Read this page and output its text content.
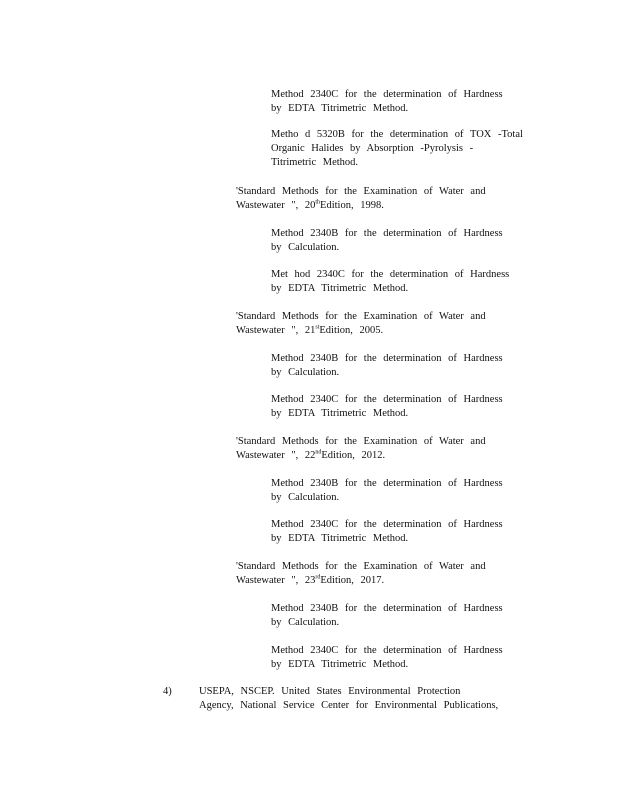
Method 2340C for the determination of Hardness
by EDTA Titrimetric Method.
Metho d 5320B for the determination of TOX -Total
Organic Halides by Absorption -Pyrolysis -
Titrimetric Method.
'Standard Methods for the Examination of Water and
Wastewater ", 20thEdition, 1998.
Method 2340B for the determination of Hardness
by Calculation.
Met hod 2340C for the determination of Hardness
by EDTA Titrimetric Method.
'Standard Methods for the Examination of Water and
Wastewater ", 21stEdition, 2005.
Method 2340B for the determination of Hardness
by Calculation.
Method 2340C for the determination of Hardness
by EDTA Titrimetric Method.
'Standard Methods for the Examination of Water and
Wastewater ", 22ndEdition, 2012.
Method 2340B for the determination of Hardness
by Calculation.
Method 2340C for the determination of Hardness
by EDTA Titrimetric Method.
'Standard Methods for the Examination of Water and
Wastewater ", 23rdEdition, 2017.
Method 2340B for the determination of Hardness
by Calculation.
Method 2340C for the determination of Hardness
by EDTA Titrimetric Method.
4)	USEPA, NSCEP. United States Environmental Protection
Agency, National Service Center for Environmental Publications,
